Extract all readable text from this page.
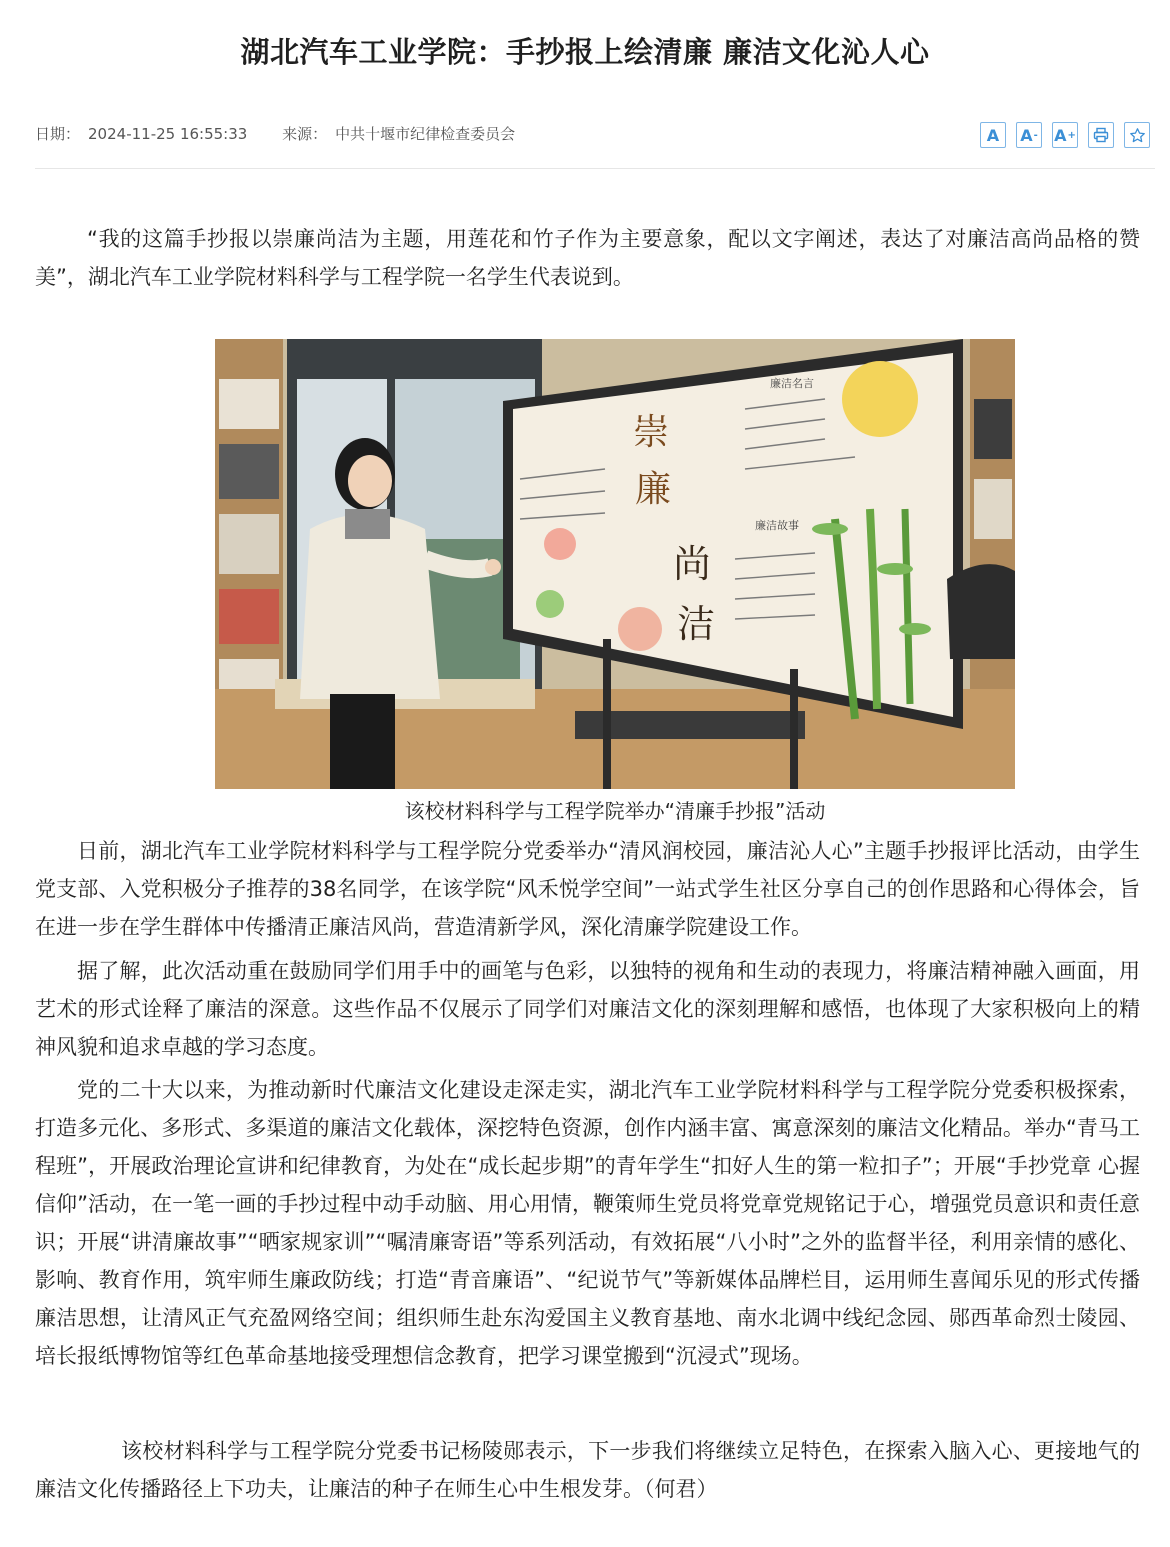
湖北汽车工业学院：手抄报上绘清廉 廉洁文化沁人心
日期： 2024-11-25 16:55:33 来源： 中共十堰市纪律检查委员会	A A - A +
“我的这篇手抄报以崇廉尚洁为主题，用莲花和竹子作为主要意象，配以文字阐述，表达了对廉洁高尚品格的赞美”，湖北汽车工业学院材料科学与工程学院一名学生代表说到。
崇
廉
尚
洁
廉洁名言
廉洁故事
该校材料科学与工程学院举办“清廉手抄报”活动
日前，湖北汽车工业学院材料科学与工程学院分党委举办“清风润校园，廉洁沁人心”主题手抄报评比活动，由学生党支部、入党积极分子推荐的38名同学，在该学院“风禾悦学空间”一站式学生社区分享自己的创作思路和心得体会，旨在进一步在学生群体中传播清正廉洁风尚，营造清新学风，深化清廉学院建设工作。
据了解，此次活动重在鼓励同学们用手中的画笔与色彩，以独特的视角和生动的表现力，将廉洁精神融入画面，用艺术的形式诠释了廉洁的深意。这些作品不仅展示了同学们对廉洁文化的深刻理解和感悟，也体现了大家积极向上的精神风貌和追求卓越的学习态度。
党的二十大以来，为推动新时代廉洁文化建设走深走实，湖北汽车工业学院材料科学与工程学院分党委积极探索，打造多元化、多形式、多渠道的廉洁文化载体，深挖特色资源，创作内涵丰富、寓意深刻的廉洁文化精品。举办“青马工程班”，开展政治理论宣讲和纪律教育，为处在“成长起步期”的青年学生“扣好人生的第一粒扣子”；开展“手抄党章 心握信仰”活动，在一笔一画的手抄过程中动手动脑、用心用情，鞭策师生党员将党章党规铭记于心，增强党员意识和责任意识；开展“讲清廉故事”“晒家规家训”“嘱清廉寄语”等系列活动，有效拓展“八小时”之外的监督半径，利用亲情的感化、影响、教育作用，筑牢师生廉政防线；打造“青音廉语”、“纪说节气”等新媒体品牌栏目，运用师生喜闻乐见的形式传播廉洁思想，让清风正气充盈网络空间；组织师生赴东沟爱国主义教育基地、南水北调中线纪念园、郧西革命烈士陵园、培长报纸博物馆等红色革命基地接受理想信念教育，把学习课堂搬到“沉浸式”现场。
该校材料科学与工程学院分党委书记杨陵郧表示，下一步我们将继续立足特色，在探索入脑入心、更接地气的廉洁文化传播路径上下功夫，让廉洁的种子在师生心中生根发芽。（何君）
